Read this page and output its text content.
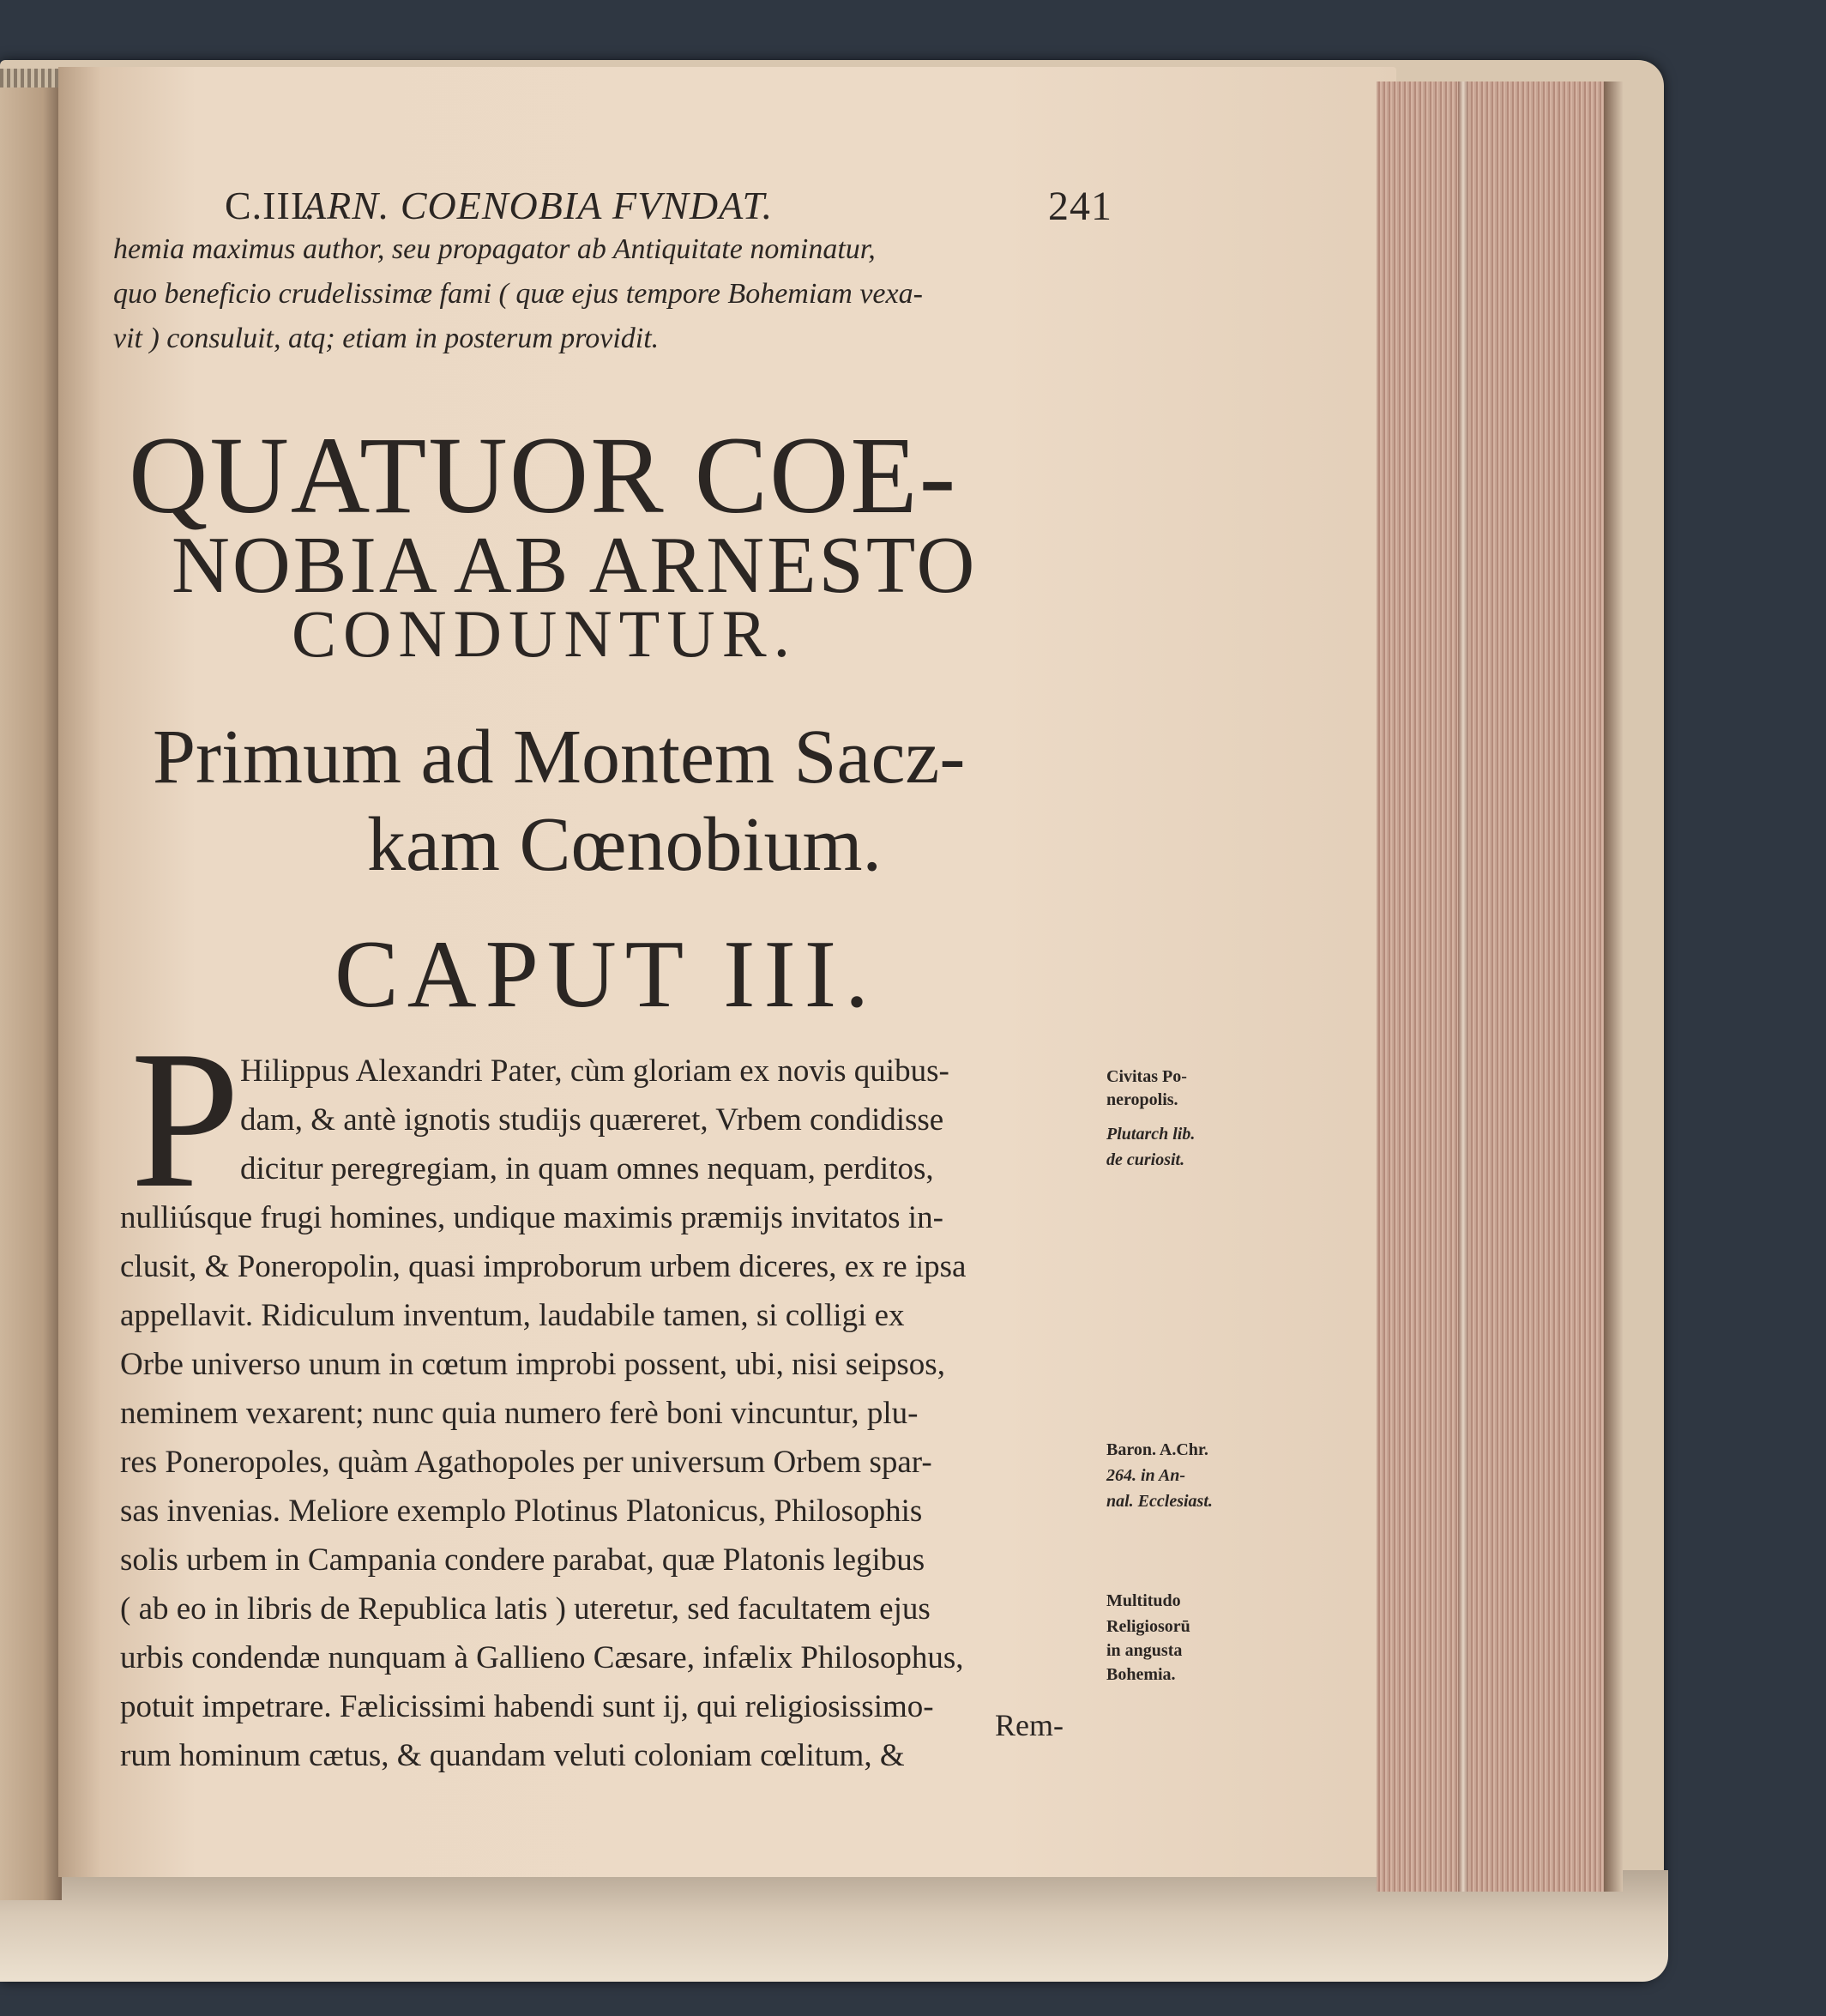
C.III.
ARN. COENOBIA FVNDAT.	241

hemia maximus author, seu propagator ab Antiquitate nominatur,

quo beneficio crudelissimæ fami ( quæ ejus tempore Bohemiam vexa-

vit ) consuluit, atq; etiam in posterum providit.

QUATUOR COE-

NOBIA AB ARNESTO

CONDUNTUR.

Primum ad Montem Sacz-

kam Cœnobium.

CAPUT III.

P Hilippus Alexandri Pater, cùm gloriam ex novis quibus-

dam, & antè ignotis studijs quæreret, Vrbem condidisse

dicitur peregregiam, in quam omnes nequam, perditos,

nulliúsque frugi homines, undique maximis præmijs invitatos in-

clusit, & Poneropolin, quasi improborum urbem diceres, ex re ipsa

appellavit. Ridiculum inventum, laudabile tamen, si colligi ex

Orbe universo unum in cœtum improbi possent, ubi, nisi seipsos,

neminem vexarent; nunc quia numero ferè boni vincuntur, plu-

res Poneropoles, quàm Agathopoles per universum Orbem spar-

sas invenias. Meliore exemplo Plotinus Platonicus, Philosophis

solis urbem in Campania condere parabat, quæ Platonis legibus

( ab eo in libris de Republica latis ) uteretur, sed facultatem ejus

urbis condendæ nunquam à Gallieno Cæsare, infælix Philosophus,

potuit impetrare. Fælicissimi habendi sunt ij, qui religiosissimo-

rum hominum cætus, & quandam veluti coloniam cœlitum, &

Civitas Po-

neropolis.

Plutarch lib.

de curiosit.

Baron. A.Chr.

264. in An-

nal. Ecclesiast.

Multitudo

Religiosorū

in angusta

Bohemia.

Rem-
